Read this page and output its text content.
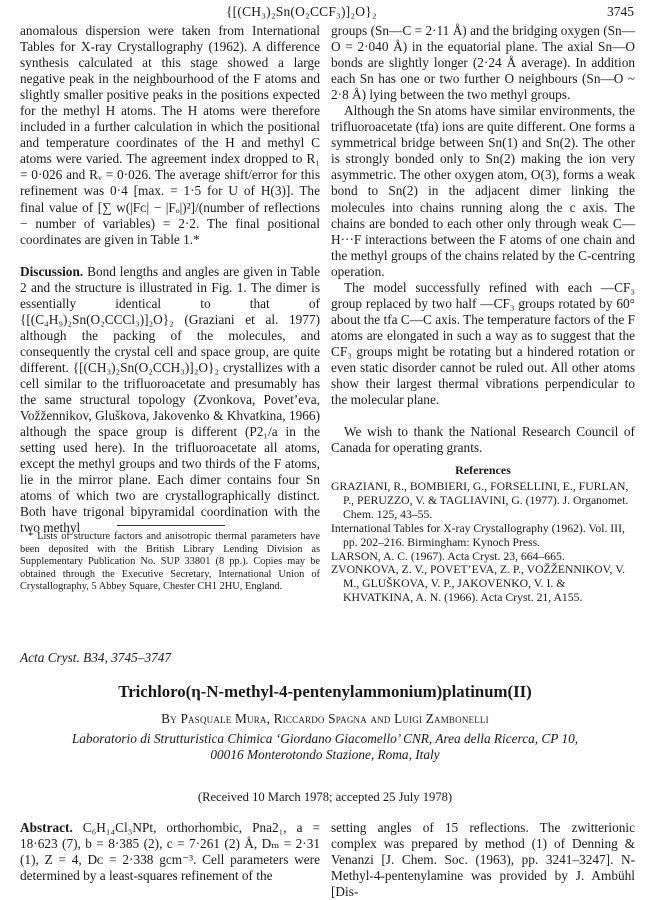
{[(CH₃)₂Sn(O₂CCF₃)]₂O}₂	3745

anomalous dispersion were taken from International Tables for X-ray Crystallography (1962). A difference synthesis calculated at this stage showed a large negative peak in the neighbourhood of the F atoms and slightly smaller positive peaks in the positions expected for the methyl H atoms. The H atoms were therefore included in a further calculation in which the positional and temperature coordinates of the H and methyl C atoms were varied. The agreement index dropped to R₁ = 0·026 and Rᵥ = 0·026. The average shift/error for this refinement was 0·4 [max. = 1·5 for U of H(3)]. The final value of [∑ w(|Fᴄ| − |Fₒ|)²]/(number of reflections − number of variables) = 2·2. The final positional coordinates are given in Table 1.*

Discussion. Bond lengths and angles are given in Table 2 and the structure is illustrated in Fig. 1. The dimer is essentially identical to that of {[(C₄H₉)₂Sn(O₂CCCl₃)]₂O}₂ (Graziani et al. 1977) although the packing of the molecules, and consequently the crystal cell and space group, are quite different. {[(CH₃)₂Sn(O₂CCH₃)]₂O}₂ crystallizes with a cell similar to the trifluoroacetate and presumably has the same structural topology (Zvonkova, Povet’eva, Vožžennikov, Gluškova, Jakovenko & Khvatkina, 1966) although the space group is different (P2₁/a in the setting used here). In the trifluoroacetate all atoms, except the methyl groups and two thirds of the F atoms, lie in the mirror plane. Each dimer contains four Sn atoms of which two are crystallographically distinct. Both have trigonal bipyramidal coordination with the two methyl

* Lists of structure factors and anisotropic thermal parameters have been deposited with the British Library Lending Division as Supplementary Publication No. SUP 33801 (8 pp.). Copies may be obtained through the Executive Secretary, International Union of Crystallography, 5 Abbey Square, Chester CH1 2HU, England.

groups (Sn—C = 2·11 Å) and the bridging oxygen (Sn—O = 2·040 Å) in the equatorial plane. The axial Sn—O bonds are slightly longer (2·24 Å average). In addition each Sn has one or two further O neighbours (Sn—O ~ 2·8 Å) lying between the two methyl groups.

Although the Sn atoms have similar environments, the trifluoroacetate (tfa) ions are quite different. One forms a symmetrical bridge between Sn(1) and Sn(2). The other is strongly bonded only to Sn(2) making the ion very asymmetric. The other oxygen atom, O(3), forms a weak bond to Sn(2) in the adjacent dimer linking the molecules into chains running along the c axis. The chains are bonded to each other only through weak C—H···F interactions between the F atoms of one chain and the methyl groups of the chains related by the C-centring operation.

The model successfully refined with each —CF₃ group replaced by two half —CF₃ groups rotated by 60° about the tfa C—C axis. The temperature factors of the F atoms are elongated in such a way as to suggest that the CF₃ groups might be rotating but a hindered rotation or even static disorder cannot be ruled out. All other atoms show their largest thermal vibrations perpendicular to the molecular plane.

We wish to thank the National Research Council of Canada for operating grants.

References

GRAZIANI, R., BOMBIERI, G., FORSELLINI, E., FURLAN, P., PERUZZO, V. & TAGLIAVINI, G. (1977). J. Organomet. Chem. 125, 43–55.

International Tables for X-ray Crystallography (1962). Vol. III, pp. 202–216. Birmingham: Kynoch Press.

LARSON, A. C. (1967). Acta Cryst. 23, 664–665.

ZVONKOVA, Z. V., POVET’EVA, Z. P., VOŽŽENNIKOV, V. M., GLUŠKOVA, V. P., JAKOVENKO, V. I. & KHVATKINA, A. N. (1966). Acta Cryst. 21, A155.

Acta Cryst. B34, 3745–3747
Trichloro(η-N-methyl-4-pentenylammonium)platinum(II)
By Pasquale Mura, Riccardo Spagna and Luigi Zambonelli
Laboratorio di Strutturistica Chimica ‘Giordano Giacomello’ CNR, Area della Ricerca, CP 10,
00016 Monterotondo Stazione, Roma, Italy
(Received 10 March 1978; accepted 25 July 1978)
Abstract. C₆H₁₄Cl₃NPt, orthorhombic, Pna2₁, a = 18·623 (7), b = 8·385 (2), c = 7·261 (2) Å, Dₘ = 2·31 (1), Z = 4, Dᴄ = 2·338 gcm⁻³. Cell parameters were determined by a least-squares refinement of the
setting angles of 15 reflections. The zwitterionic complex was prepared by method (1) of Denning & Venanzi [J. Chem. Soc. (1963), pp. 3241–3247]. N-Methyl-4-pentenylamine was provided by J. Ambühl [Dis-
